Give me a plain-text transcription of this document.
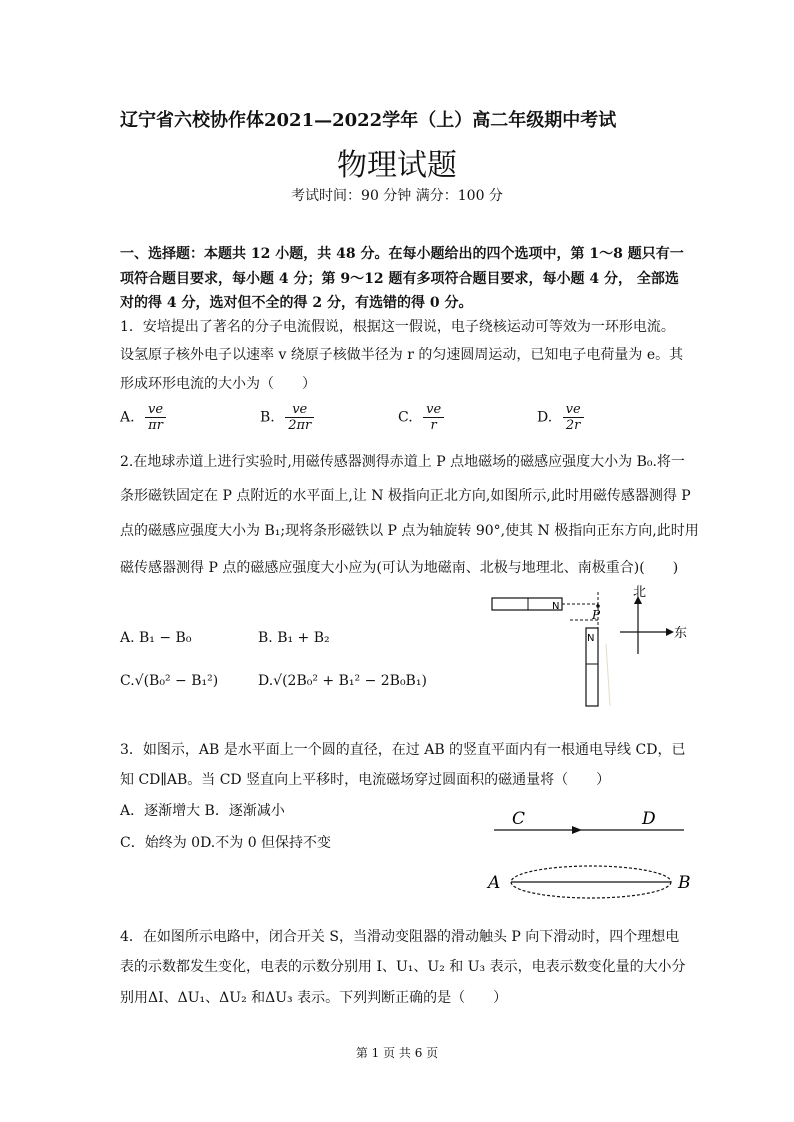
辽宁省六校协作体2021—2022学年（上）高二年级期中考试
物理试题
考试时间：90 分钟 满分：100 分
一、选择题：本题共 12 小题，共 48 分。在每小题给出的四个选项中，第 1～8 题只有一
项符合题目要求，每小题 4 分；第 9～12 题有多项符合题目要求，每小题 4 分， 全部选
对的得 4 分，选对但不全的得 2 分，有选错的得 0 分。
1．安培提出了著名的分子电流假说，根据这一假说，电子绕核运动可等效为一环形电流。
设氢原子核外电子以速率 v 绕原子核做半径为 r 的匀速圆周运动，已知电子电荷量为 e。其
形成环形电流的大小为（　　）
A. $\frac{ve}{\pi r}$	B. $\frac{ve}{2\pi r}$	C. $\frac{ve}{r}$	D. $\frac{ve}{2r}$
2.在地球赤道上进行实验时,用磁传感器测得赤道上 P 点地磁场的磁感应强度大小为 B₀.将一
条形磁铁固定在 P 点附近的水平面上,让 N 极指向正北方向,如图所示,此时用磁传感器测得 P
点的磁感应强度大小为 B₁;现将条形磁铁以 P 点为轴旋转 90°,使其 N 极指向正东方向,此时用
磁传感器测得 P 点的磁感应强度大小应为(可认为地磁南、北极与地理北、南极重合)(　　)
A. B₁ − B₀	B. B₁ + B₂
C.√(B₀² − B₁²)	D.√(2B₀² + B₁² − 2B₀B₁)
N
P
N
北
东
3．如图示，AB 是水平面上一个圆的直径，在过 AB 的竖直平面内有一根通电导线 CD，已
知 CD∥AB。当 CD 竖直向上平移时，电流磁场穿过圆面积的磁通量将（　　）
A．逐渐增大 B．逐渐减小
C．始终为 0D.不为 0 但保持不变
C	D
A	B
4．在如图所示电路中，闭合开关 S，当滑动变阻器的滑动触头 P 向下滑动时，四个理想电
表的示数都发生变化，电表的示数分别用 I、U₁、U₂ 和 U₃ 表示，电表示数变化量的大小分
别用ΔI、ΔU₁、ΔU₂ 和ΔU₃ 表示。下列判断正确的是（　　）
第 1 页 共 6 页
